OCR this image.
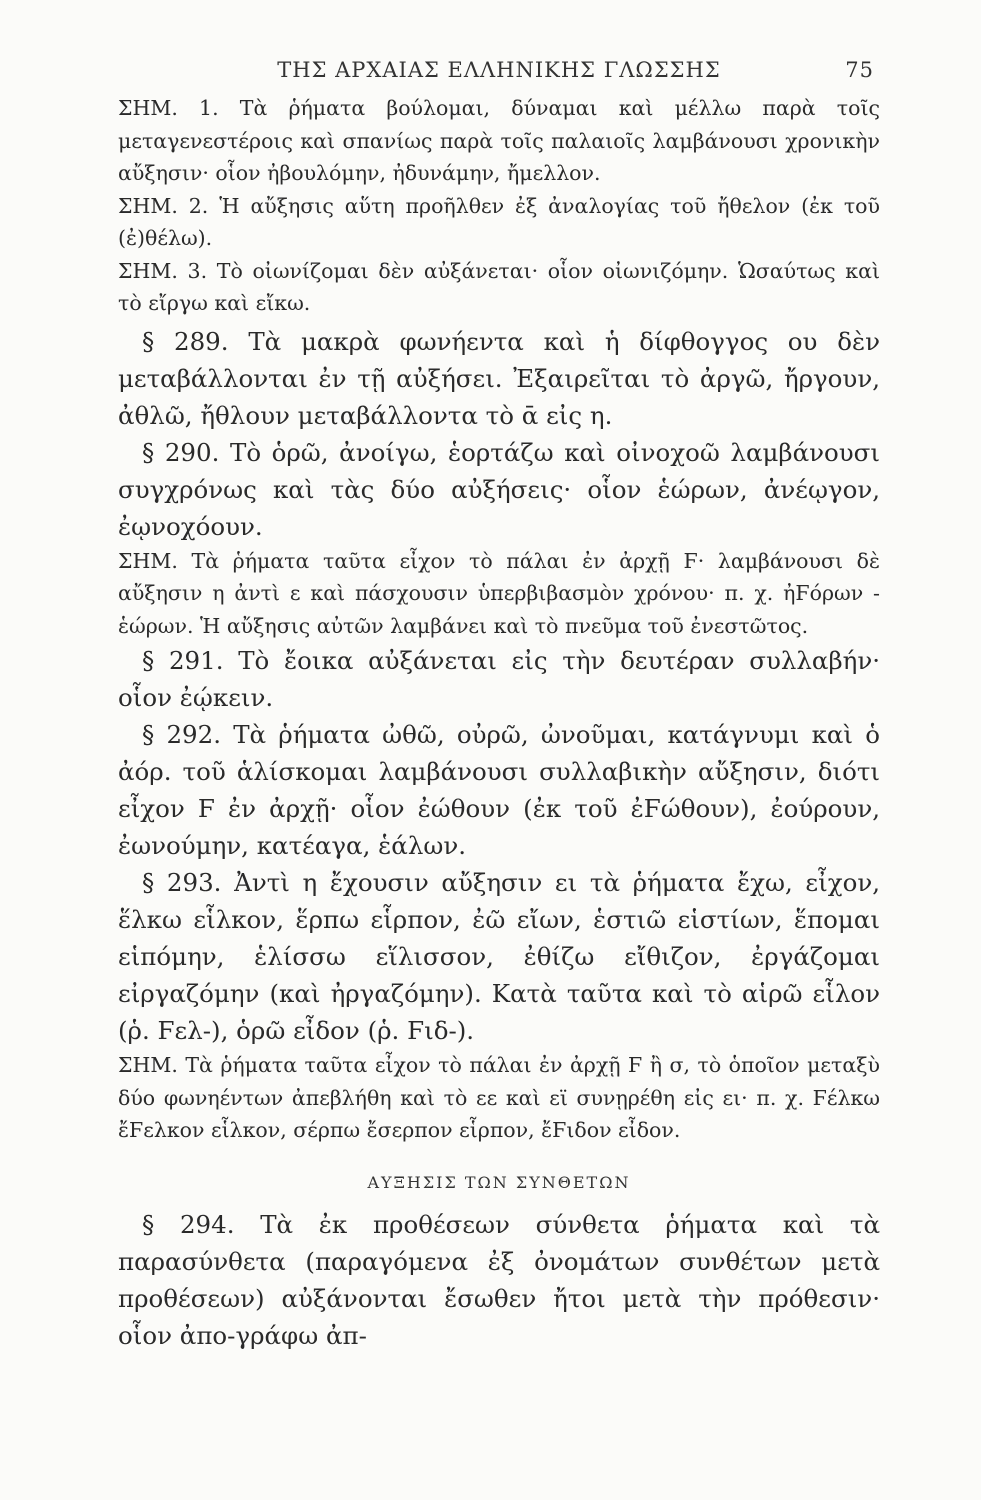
ΤΗΣ ΑΡΧΑΙΑΣ ΕΛΛΗΝΙΚΗΣ ΓΛΩΣΣΗΣ	75

ΣΗΜ. 1. Τὰ ῥήματα βούλομαι, δύναμαι καὶ μέλλω παρὰ τοῖς μεταγενεστέροις καὶ σπανίως παρὰ τοῖς παλαιοῖς λαμβάνουσι χρονικὴν αὔξησιν· οἷον ἠβουλόμην, ἠδυνάμην, ἤμελλον.

ΣΗΜ. 2. Ἡ αὔξησις αὕτη προῆλθεν ἐξ ἀναλογίας τοῦ ἤθελον (ἐκ τοῦ (ἐ)θέλω).

ΣΗΜ. 3. Τὸ οἰωνίζομαι δὲν αὐξάνεται· οἷον οἰωνιζόμην. Ὡσαύτως καὶ τὸ εἴργω καὶ εἴκω.

§ 289. Τὰ μακρὰ φωνήεντα καὶ ἡ δίφθογγος ου δὲν μεταβάλλονται ἐν τῇ αὐξήσει. Ἐξαιρεῖται τὸ ἀργῶ, ἤργουν, ἀθλῶ, ἤθλουν μεταβάλλοντα τὸ ᾱ εἰς η.

§ 290. Τὸ ὁρῶ, ἀνοίγω, ἑορτάζω καὶ οἰνοχοῶ λαμβάνουσι συγχρόνως καὶ τὰς δύο αὐξήσεις· οἷον ἑώρων, ἀνέῳγον, ἐῳνοχόουν.

ΣΗΜ. Τὰ ῥήματα ταῦτα εἶχον τὸ πάλαι ἐν ἀρχῇ Ϝ· λαμβάνουσι δὲ αὔξησιν η ἀντὶ ε καὶ πάσχουσιν ὑπερβιβασμὸν χρόνου· π. χ. ἠϜόρων - ἑώρων. Ἡ αὔξησις αὐτῶν λαμβάνει καὶ τὸ πνεῦμα τοῦ ἐνεστῶτος.

§ 291. Τὸ ἔοικα αὐξάνεται εἰς τὴν δευτέραν συλλαβήν· οἷον ἐῴκειν.

§ 292. Τὰ ῥήματα ὠθῶ, οὐρῶ, ὠνοῦμαι, κατάγνυμι καὶ ὁ ἀόρ. τοῦ ἁλίσκομαι λαμβάνουσι συλλαβικὴν αὔξησιν, διότι εἶχον Ϝ ἐν ἀρχῇ· οἷον ἐώθουν (ἐκ τοῦ ἐϜώθουν), ἐούρουν, ἐωνούμην, κατέαγα, ἑάλων.

§ 293. Ἀντὶ η ἔχουσιν αὔξησιν ει τὰ ῥήματα ἔχω, εἶχον, ἕλκω εἷλκον, ἕρπω εἷρπον, ἐῶ εἴων, ἑστιῶ εἱστίων, ἕπομαι εἱπόμην, ἑλίσσω εἵλισσον, ἐθίζω εἴθιζον, ἐργάζομαι εἰργαζόμην (καὶ ἠργαζόμην). Κατὰ ταῦτα καὶ τὸ αἱρῶ εἷλον (ῥ. Ϝελ-), ὁρῶ εἶδον (ῥ. Ϝιδ-).

ΣΗΜ. Τὰ ῥήματα ταῦτα εἶχον τὸ πάλαι ἐν ἀρχῇ Ϝ ἢ σ, τὸ ὁποῖον μεταξὺ δύο φωνηέντων ἀπεβλήθη καὶ τὸ εε καὶ εϊ συνῃρέθη εἰς ει· π. χ. Ϝέλκω ἔϜελκον εἷλκον, σέρπω ἔσερπον εἷρπον, ἔϜιδον εἶδον.

ΑΥΞΗΣΙΣ ΤΩΝ ΣΥΝΘΕΤΩΝ

§ 294. Τὰ ἐκ προθέσεων σύνθετα ῥήματα καὶ τὰ παρασύνθετα (παραγόμενα ἐξ ὀνομάτων συνθέτων μετὰ προθέσεων) αὐξάνονται ἔσωθεν ἤτοι μετὰ τὴν πρόθεσιν· οἷον ἀπο-γράφω ἀπ-
